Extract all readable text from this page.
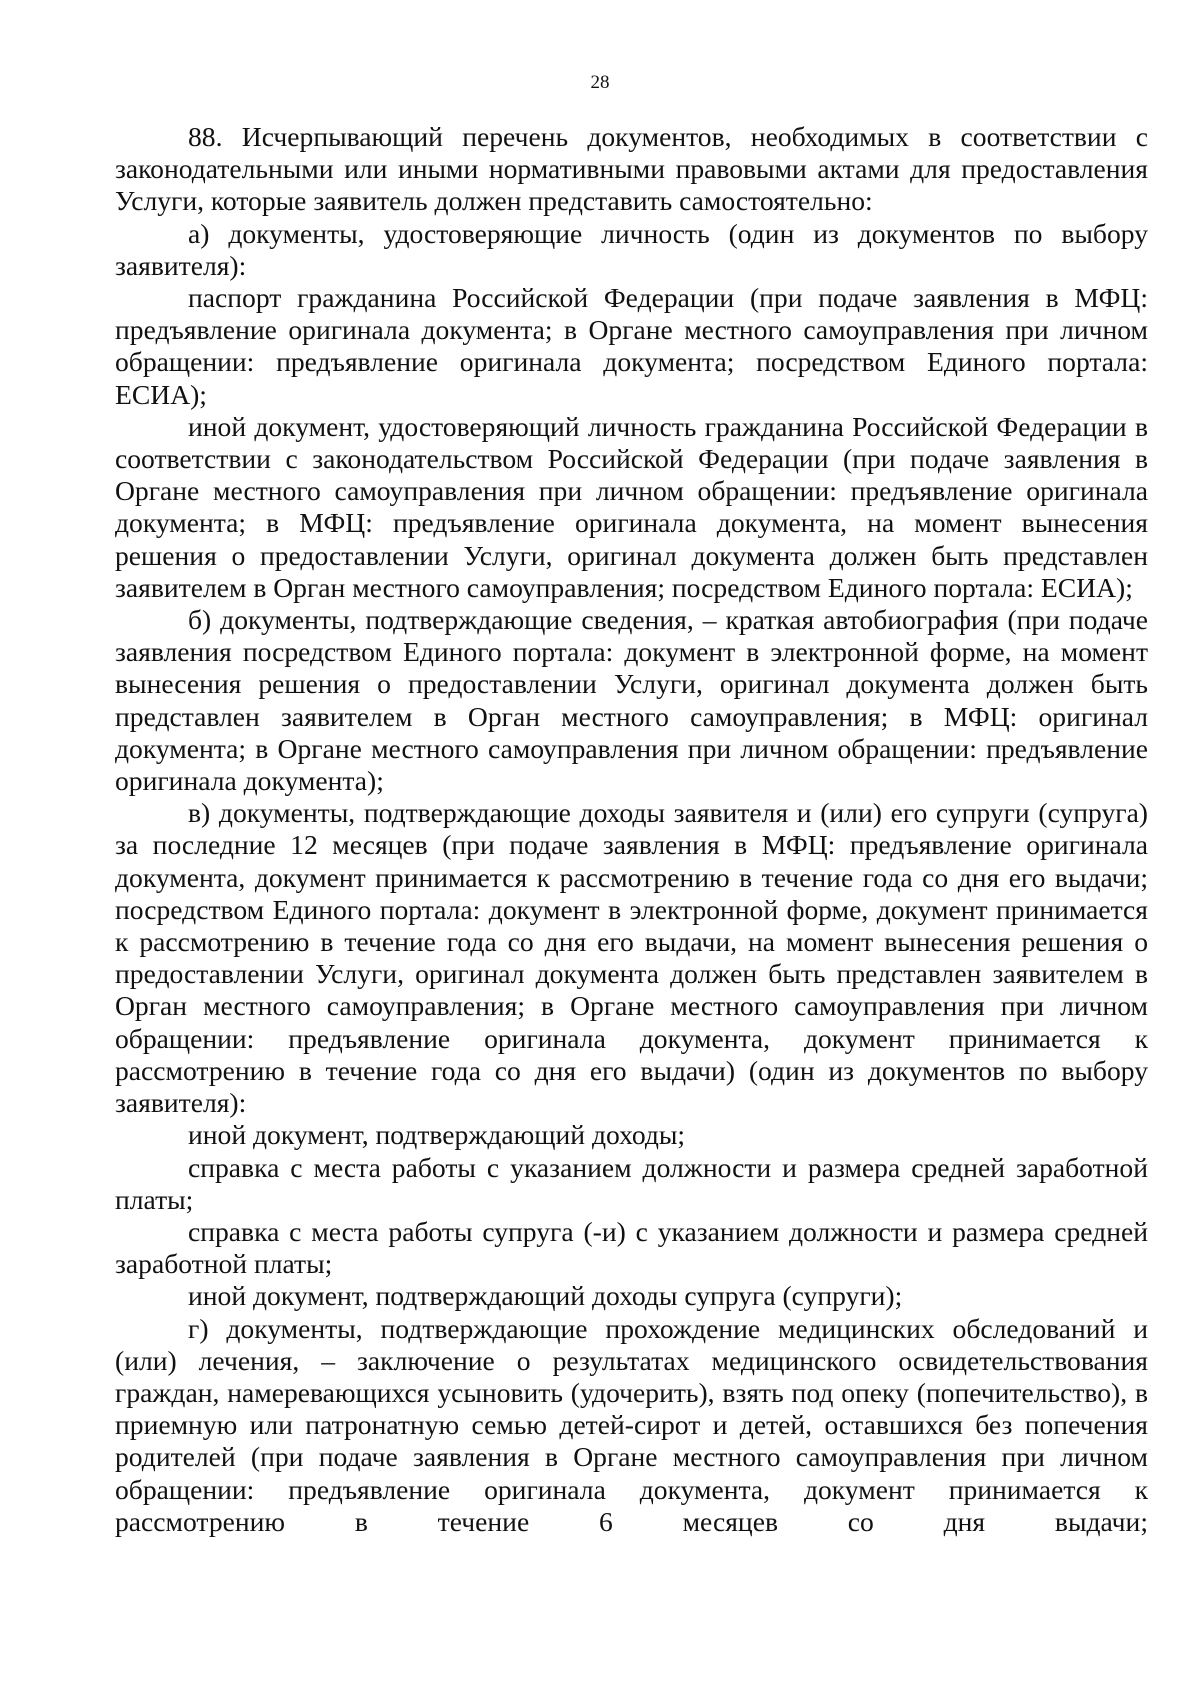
28

88. Исчерпывающий перечень документов, необходимых в соответствии с законодательными или иными нормативными правовыми актами для предоставления Услуги, которые заявитель должен представить самостоятельно:

а) документы, удостоверяющие личность (один из документов по выбору заявителя):

паспорт гражданина Российской Федерации (при подаче заявления в МФЦ: предъявление оригинала документа; в Органе местного самоуправления при личном обращении: предъявление оригинала документа; посредством Единого портала: ЕСИА);

иной документ, удостоверяющий личность гражданина Российской Федерации в соответствии с законодательством Российской Федерации (при подаче заявления в Органе местного самоуправления при личном обращении: предъявление оригинала документа; в МФЦ: предъявление оригинала документа, на момент вынесения решения о предоставлении Услуги, оригинал документа должен быть представлен заявителем в Орган местного самоуправления; посредством Единого портала: ЕСИА);

б) документы, подтверждающие сведения, – краткая автобиография (при подаче заявления посредством Единого портала: документ в электронной форме, на момент вынесения решения о предоставлении Услуги, оригинал документа должен быть представлен заявителем в Орган местного самоуправления; в МФЦ: оригинал документа; в Органе местного самоуправления при личном обращении: предъявление оригинала документа);

в) документы, подтверждающие доходы заявителя и (или) его супруги (супруга) за последние 12 месяцев (при подаче заявления в МФЦ: предъявление оригинала документа, документ принимается к рассмотрению в течение года со дня его выдачи; посредством Единого портала: документ в электронной форме, документ принимается к рассмотрению в течение года со дня его выдачи, на момент вынесения решения о предоставлении Услуги, оригинал документа должен быть представлен заявителем в Орган местного самоуправления; в Органе местного самоуправления при личном обращении: предъявление оригинала документа, документ принимается к рассмотрению в течение года со дня его выдачи) (один из документов по выбору заявителя):

иной документ, подтверждающий доходы;

справка с места работы с указанием должности и размера средней заработной платы;

справка с места работы супруга (-и) с указанием должности и размера средней заработной платы;

иной документ, подтверждающий доходы супруга (супруги);

г) документы, подтверждающие прохождение медицинских обследований и (или) лечения, – заключение о результатах медицинского освидетельствования граждан, намеревающихся усыновить (удочерить), взять под опеку (попечительство), в приемную или патронатную семью детей-сирот и детей, оставшихся без попечения родителей (при подаче заявления в Органе местного самоуправления при личном обращении: предъявление оригинала документа, документ принимается к рассмотрению в течение 6 месяцев со дня выдачи;
